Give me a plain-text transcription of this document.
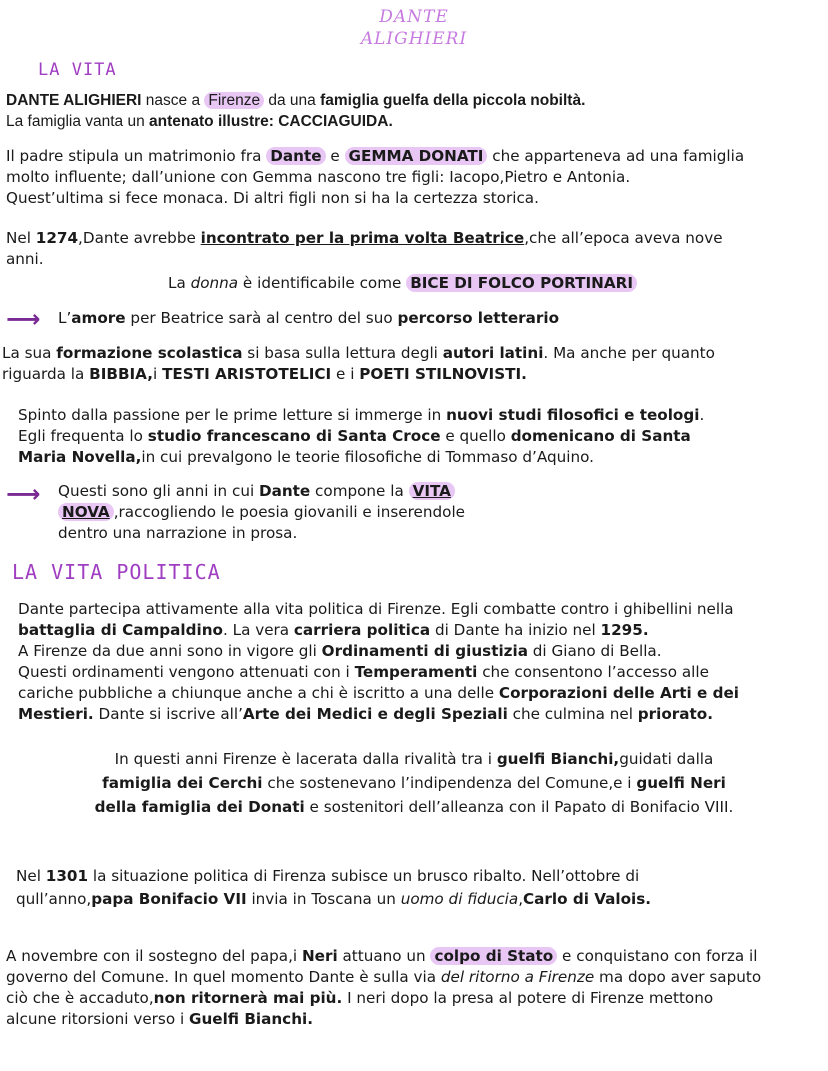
DANTE
ALIGHIERI
LA VITA
DANTE ALIGHIERI nasce a Firenze da una famiglia guelfa della piccola nobiltà.
La famiglia vanta un antenato illustre: CACCIAGUIDA.
Il padre stipula un matrimonio fra Dante e GEMMA DONATI che apparteneva ad una famiglia
molto influente; dall’unione con Gemma nascono tre figli: Iacopo,Pietro e Antonia.
Quest’ultima si fece monaca. Di altri figli non si ha la certezza storica.
Nel 1274,Dante avrebbe incontrato per la prima volta Beatrice,che all’epoca aveva nove
anni.
La donna è identificabile come BICE DI FOLCO PORTINARI
⟶ L’amore per Beatrice sarà al centro del suo percorso letterario
La sua formazione scolastica si basa sulla lettura degli autori latini. Ma anche per quanto
riguarda la BIBBIA,i TESTI ARISTOTELICI e i POETI STILNOVISTI.
Spinto dalla passione per le prime letture si immerge in nuovi studi filosofici e teologi.
Egli frequenta lo studio francescano di Santa Croce e quello domenicano di Santa
Maria Novella,in cui prevalgono le teorie filosofiche di Tommaso d’Aquino.
⟶ Questi sono gli anni in cui Dante compone la VITA
NOVA ,raccogliendo le poesia giovanili e inserendole
dentro una narrazione in prosa.
LA VITA POLITICA
Dante partecipa attivamente alla vita politica di Firenze. Egli combatte contro i ghibellini nella
battaglia di Campaldino. La vera carriera politica di Dante ha inizio nel 1295.
A Firenze da due anni sono in vigore gli Ordinamenti di giustizia di Giano di Bella.
Questi ordinamenti vengono attenuati con i Temperamenti che consentono l’accesso alle
cariche pubbliche a chiunque anche a chi è iscritto a una delle Corporazioni delle Arti e dei
Mestieri. Dante si iscrive all’Arte dei Medici e degli Speziali che culmina nel priorato.
In questi anni Firenze è lacerata dalla rivalità tra i guelfi Bianchi,guidati dalla
famiglia dei Cerchi che sostenevano l’indipendenza del Comune,e i guelfi Neri
della famiglia dei Donati e sostenitori dell’alleanza con il Papato di Bonifacio VIII.
Nel 1301 la situazione politica di Firenza subisce un brusco ribalto. Nell’ottobre di
qull’anno,papa Bonifacio VII invia in Toscana un uomo di fiducia,Carlo di Valois.
A novembre con il sostegno del papa,i Neri attuano un colpo di Stato e conquistano con forza il
governo del Comune. In quel momento Dante è sulla via del ritorno a Firenze ma dopo aver saputo
ciò che è accaduto,non ritornerà mai più. I neri dopo la presa al potere di Firenze mettono
alcune ritorsioni verso i Guelfi Bianchi.
